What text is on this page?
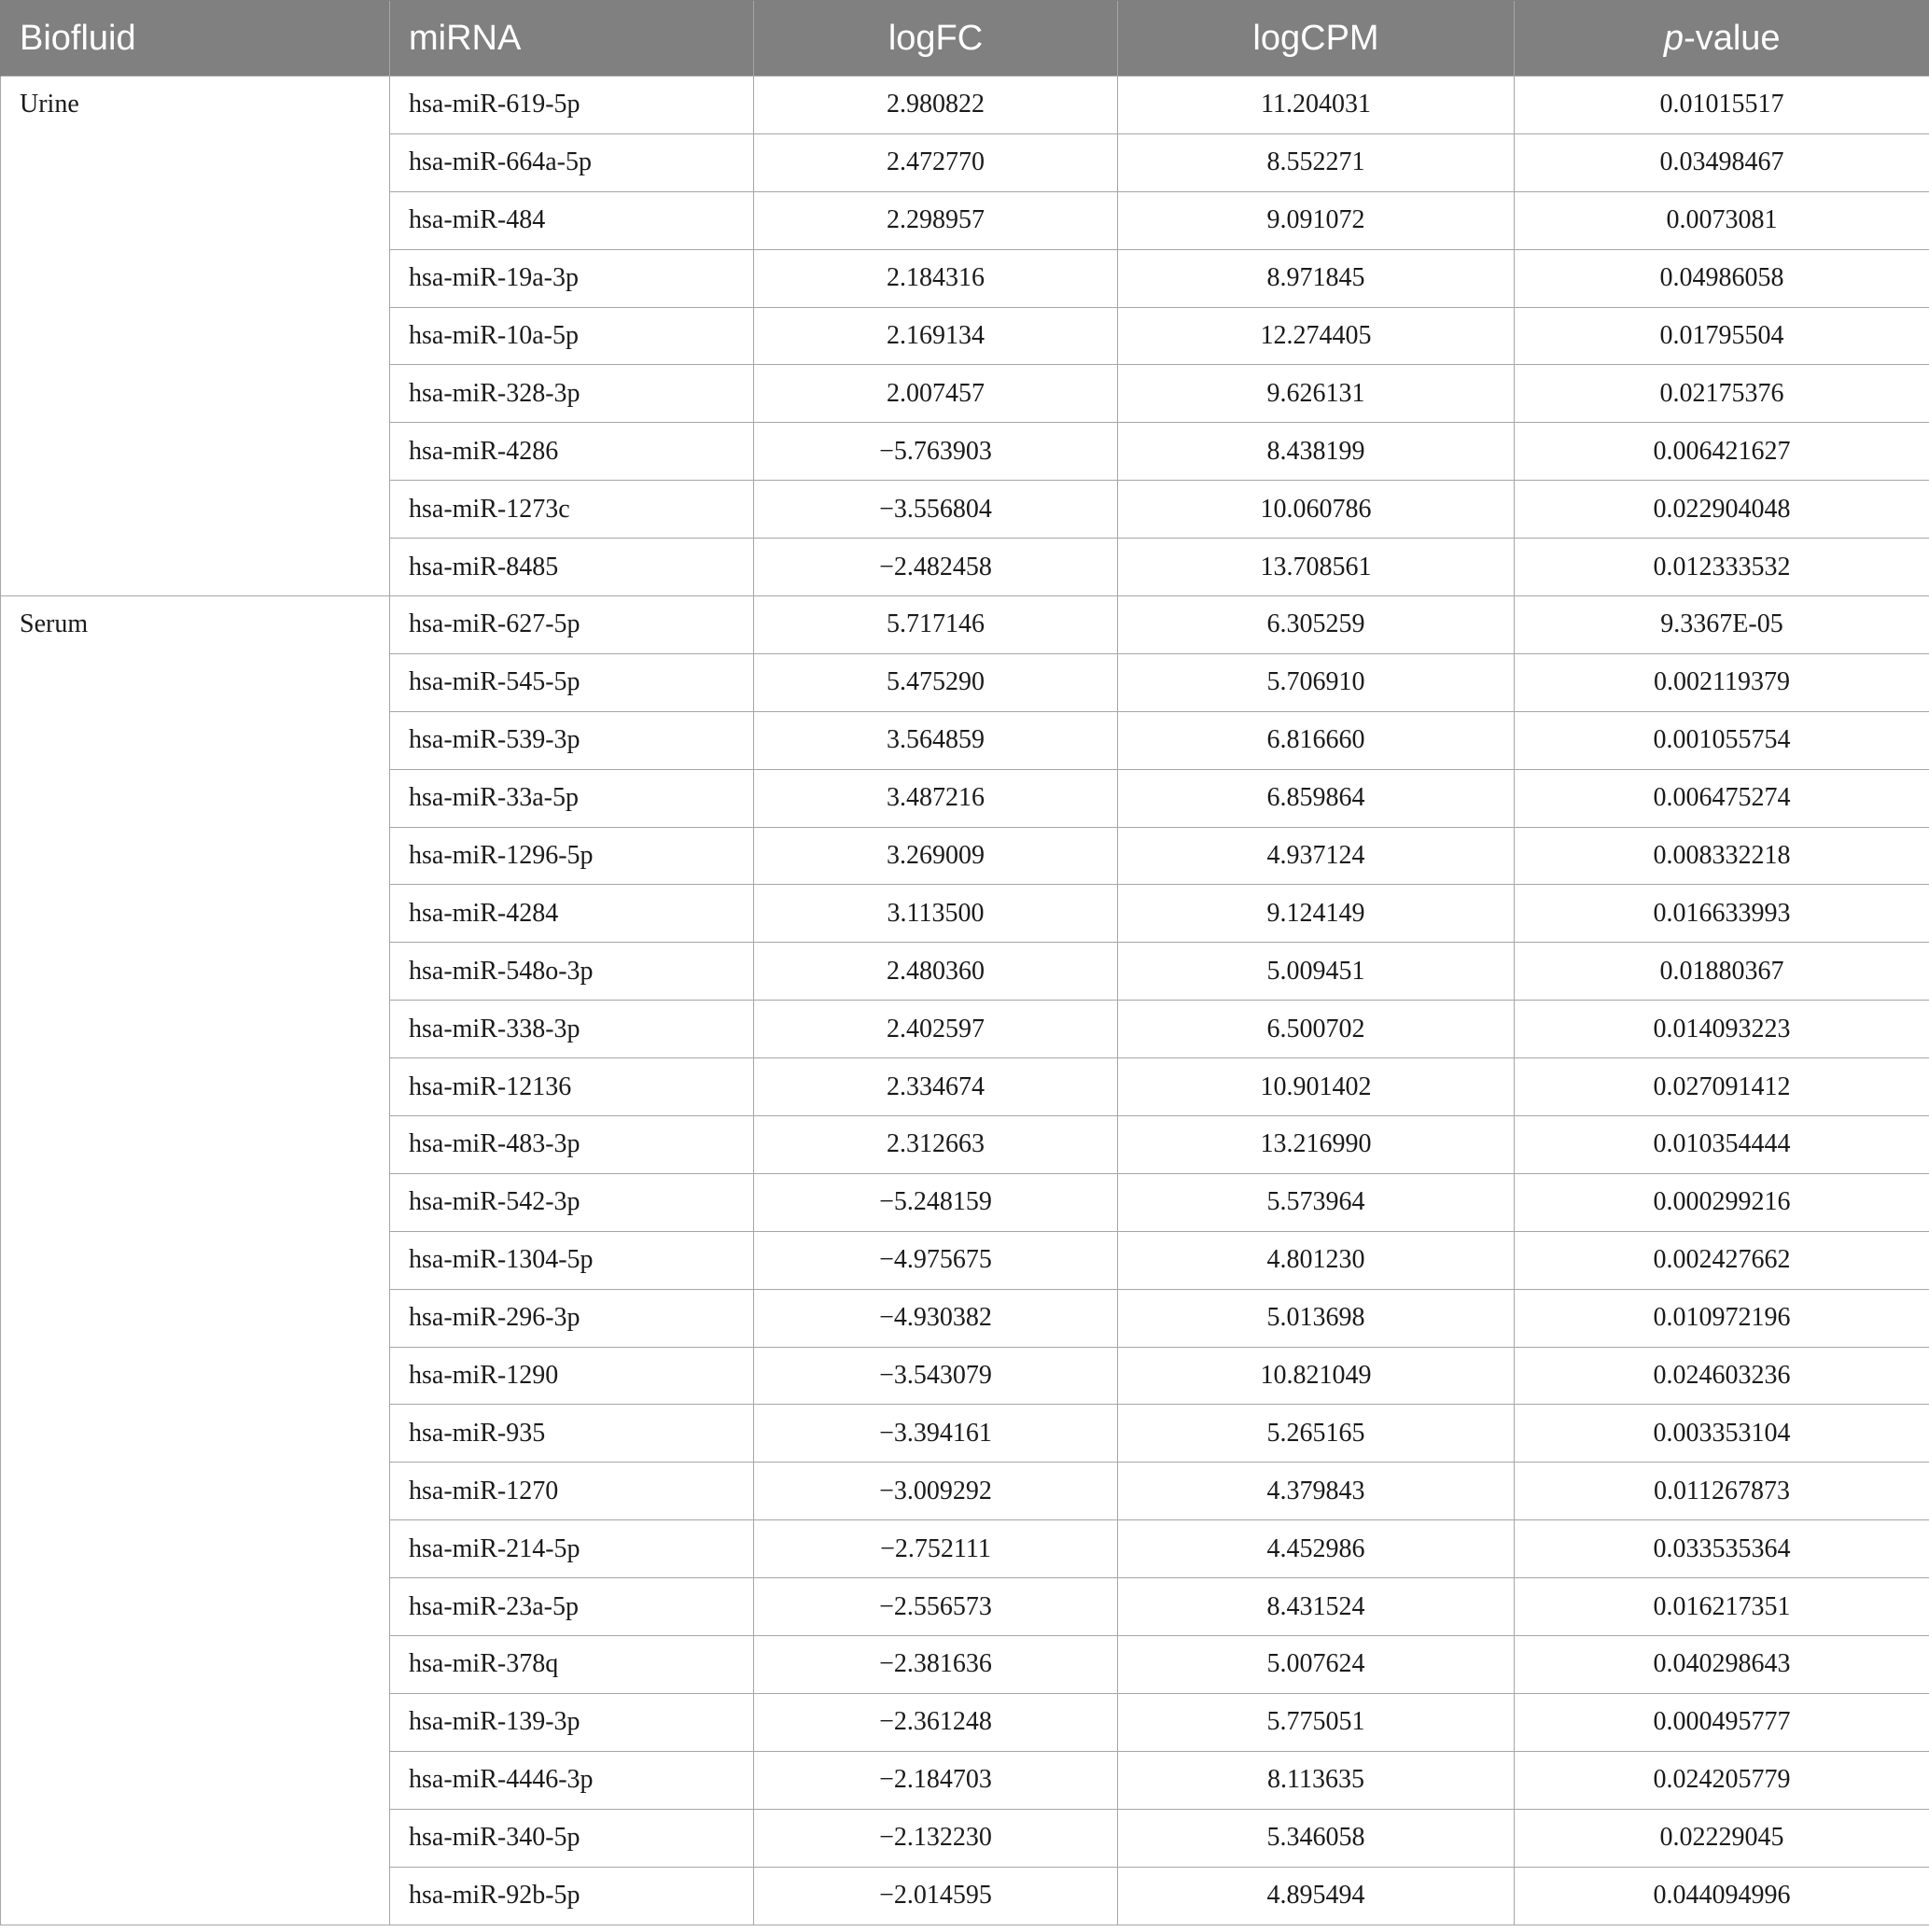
Biofluid	miRNA	logFC	logCPM	p-value
Urine	hsa-miR-619-5p	2.980822	11.204031	0.01015517
	hsa-miR-664a-5p	2.472770	8.552271	0.03498467
	hsa-miR-484	2.298957	9.091072	0.0073081
	hsa-miR-19a-3p	2.184316	8.971845	0.04986058
	hsa-miR-10a-5p	2.169134	12.274405	0.01795504
	hsa-miR-328-3p	2.007457	9.626131	0.02175376
	hsa-miR-4286	−5.763903	8.438199	0.006421627
	hsa-miR-1273c	−3.556804	10.060786	0.022904048
	hsa-miR-8485	−2.482458	13.708561	0.012333532
Serum	hsa-miR-627-5p	5.717146	6.305259	9.3367E-05
	hsa-miR-545-5p	5.475290	5.706910	0.002119379
	hsa-miR-539-3p	3.564859	6.816660	0.001055754
	hsa-miR-33a-5p	3.487216	6.859864	0.006475274
	hsa-miR-1296-5p	3.269009	4.937124	0.008332218
	hsa-miR-4284	3.113500	9.124149	0.016633993
	hsa-miR-548o-3p	2.480360	5.009451	0.01880367
	hsa-miR-338-3p	2.402597	6.500702	0.014093223
	hsa-miR-12136	2.334674	10.901402	0.027091412
	hsa-miR-483-3p	2.312663	13.216990	0.010354444
	hsa-miR-542-3p	−5.248159	5.573964	0.000299216
	hsa-miR-1304-5p	−4.975675	4.801230	0.002427662
	hsa-miR-296-3p	−4.930382	5.013698	0.010972196
	hsa-miR-1290	−3.543079	10.821049	0.024603236
	hsa-miR-935	−3.394161	5.265165	0.003353104
	hsa-miR-1270	−3.009292	4.379843	0.011267873
	hsa-miR-214-5p	−2.752111	4.452986	0.033535364
	hsa-miR-23a-5p	−2.556573	8.431524	0.016217351
	hsa-miR-378q	−2.381636	5.007624	0.040298643
	hsa-miR-139-3p	−2.361248	5.775051	0.000495777
	hsa-miR-4446-3p	−2.184703	8.113635	0.024205779
	hsa-miR-340-5p	−2.132230	5.346058	0.02229045
	hsa-miR-92b-5p	−2.014595	4.895494	0.044094996
